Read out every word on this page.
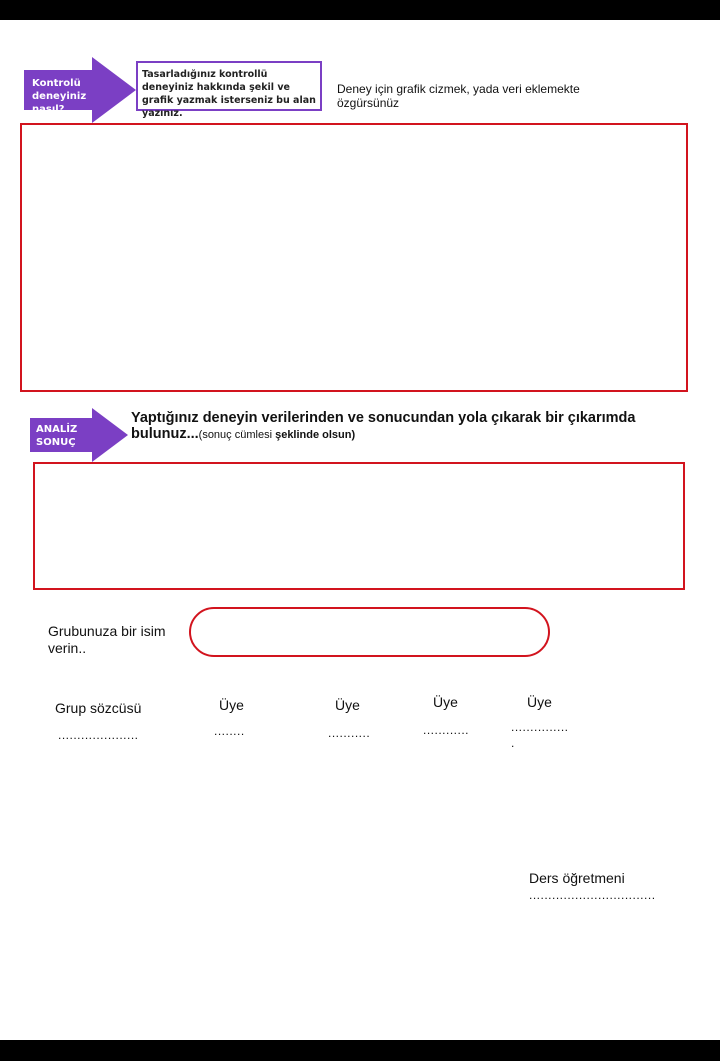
Kontrolü deneyiniz nasıl?
Tasarladığınız kontrollü deneyiniz hakkında şekil ve grafik yazmak isterseniz bu alan yazınız.
Deney için grafik cizmek, yada veri eklemekte özgürsünüz
ANALİZ SONUÇ
Yaptığınız deneyin verilerinden ve sonucundan yola çıkarak bir çıkarımda bulunuz...(sonuç cümlesi şeklinde olsun)
Grubunuza bir isim verin..
Grup sözcüsü
.....................
Üye
........
Üye
...........
Üye
............
Üye
...............
.
Ders öğretmeni
.................................
